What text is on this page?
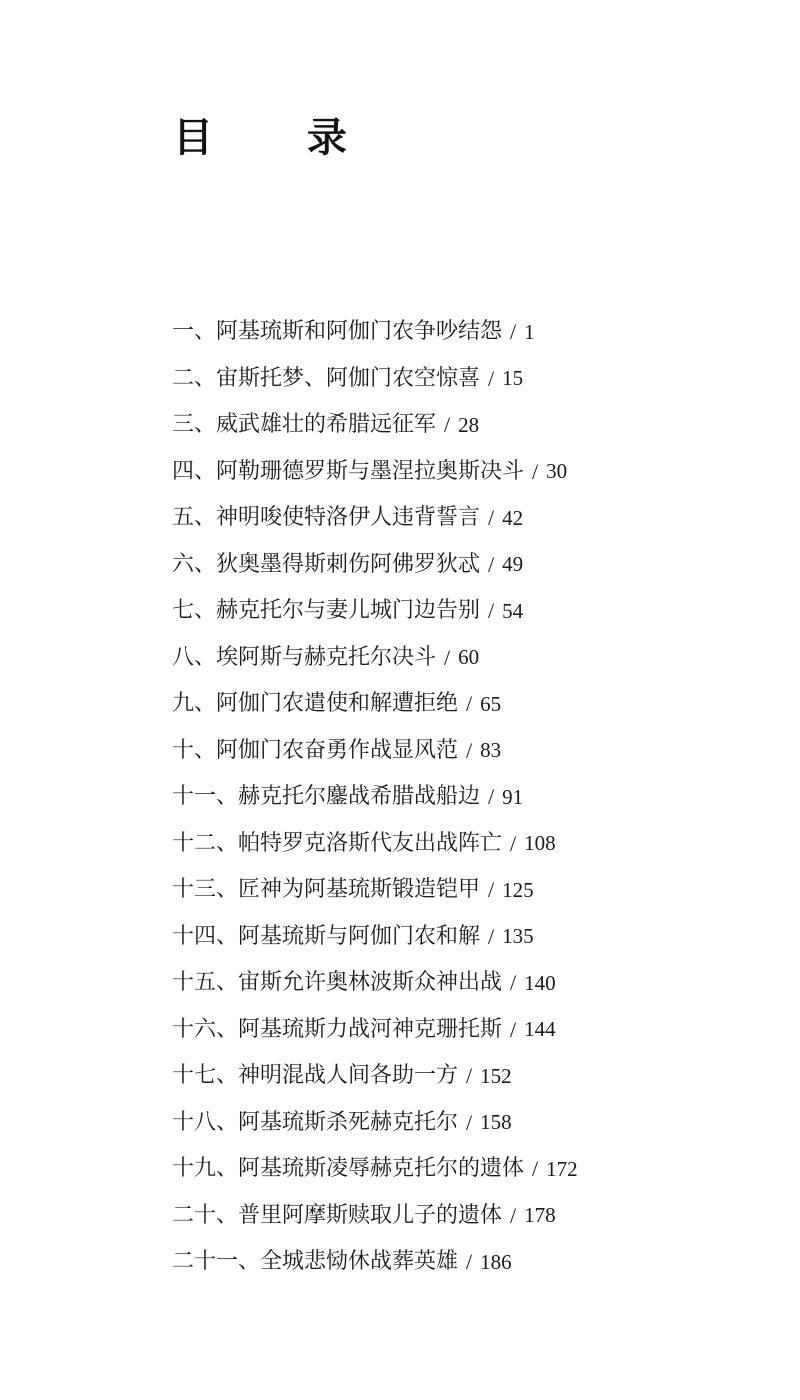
目 录
一、阿基琉斯和阿伽门农争吵结怨 / 1
二、宙斯托梦、阿伽门农空惊喜 / 15
三、威武雄壮的希腊远征军 / 28
四、阿勒珊德罗斯与墨涅拉奥斯决斗 / 30
五、神明唆使特洛伊人违背誓言 / 42
六、狄奥墨得斯刺伤阿佛罗狄忒 / 49
七、赫克托尔与妻儿城门边告别 / 54
八、埃阿斯与赫克托尔决斗 / 60
九、阿伽门农遣使和解遭拒绝 / 65
十、阿伽门农奋勇作战显风范 / 83
十一、赫克托尔鏖战希腊战船边 / 91
十二、帕特罗克洛斯代友出战阵亡 / 108
十三、匠神为阿基琉斯锻造铠甲 / 125
十四、阿基琉斯与阿伽门农和解 / 135
十五、宙斯允许奥林波斯众神出战 / 140
十六、阿基琉斯力战河神克珊托斯 / 144
十七、神明混战人间各助一方 / 152
十八、阿基琉斯杀死赫克托尔 / 158
十九、阿基琉斯凌辱赫克托尔的遗体 / 172
二十、普里阿摩斯赎取儿子的遗体 / 178
二十一、全城悲恸休战葬英雄 / 186
